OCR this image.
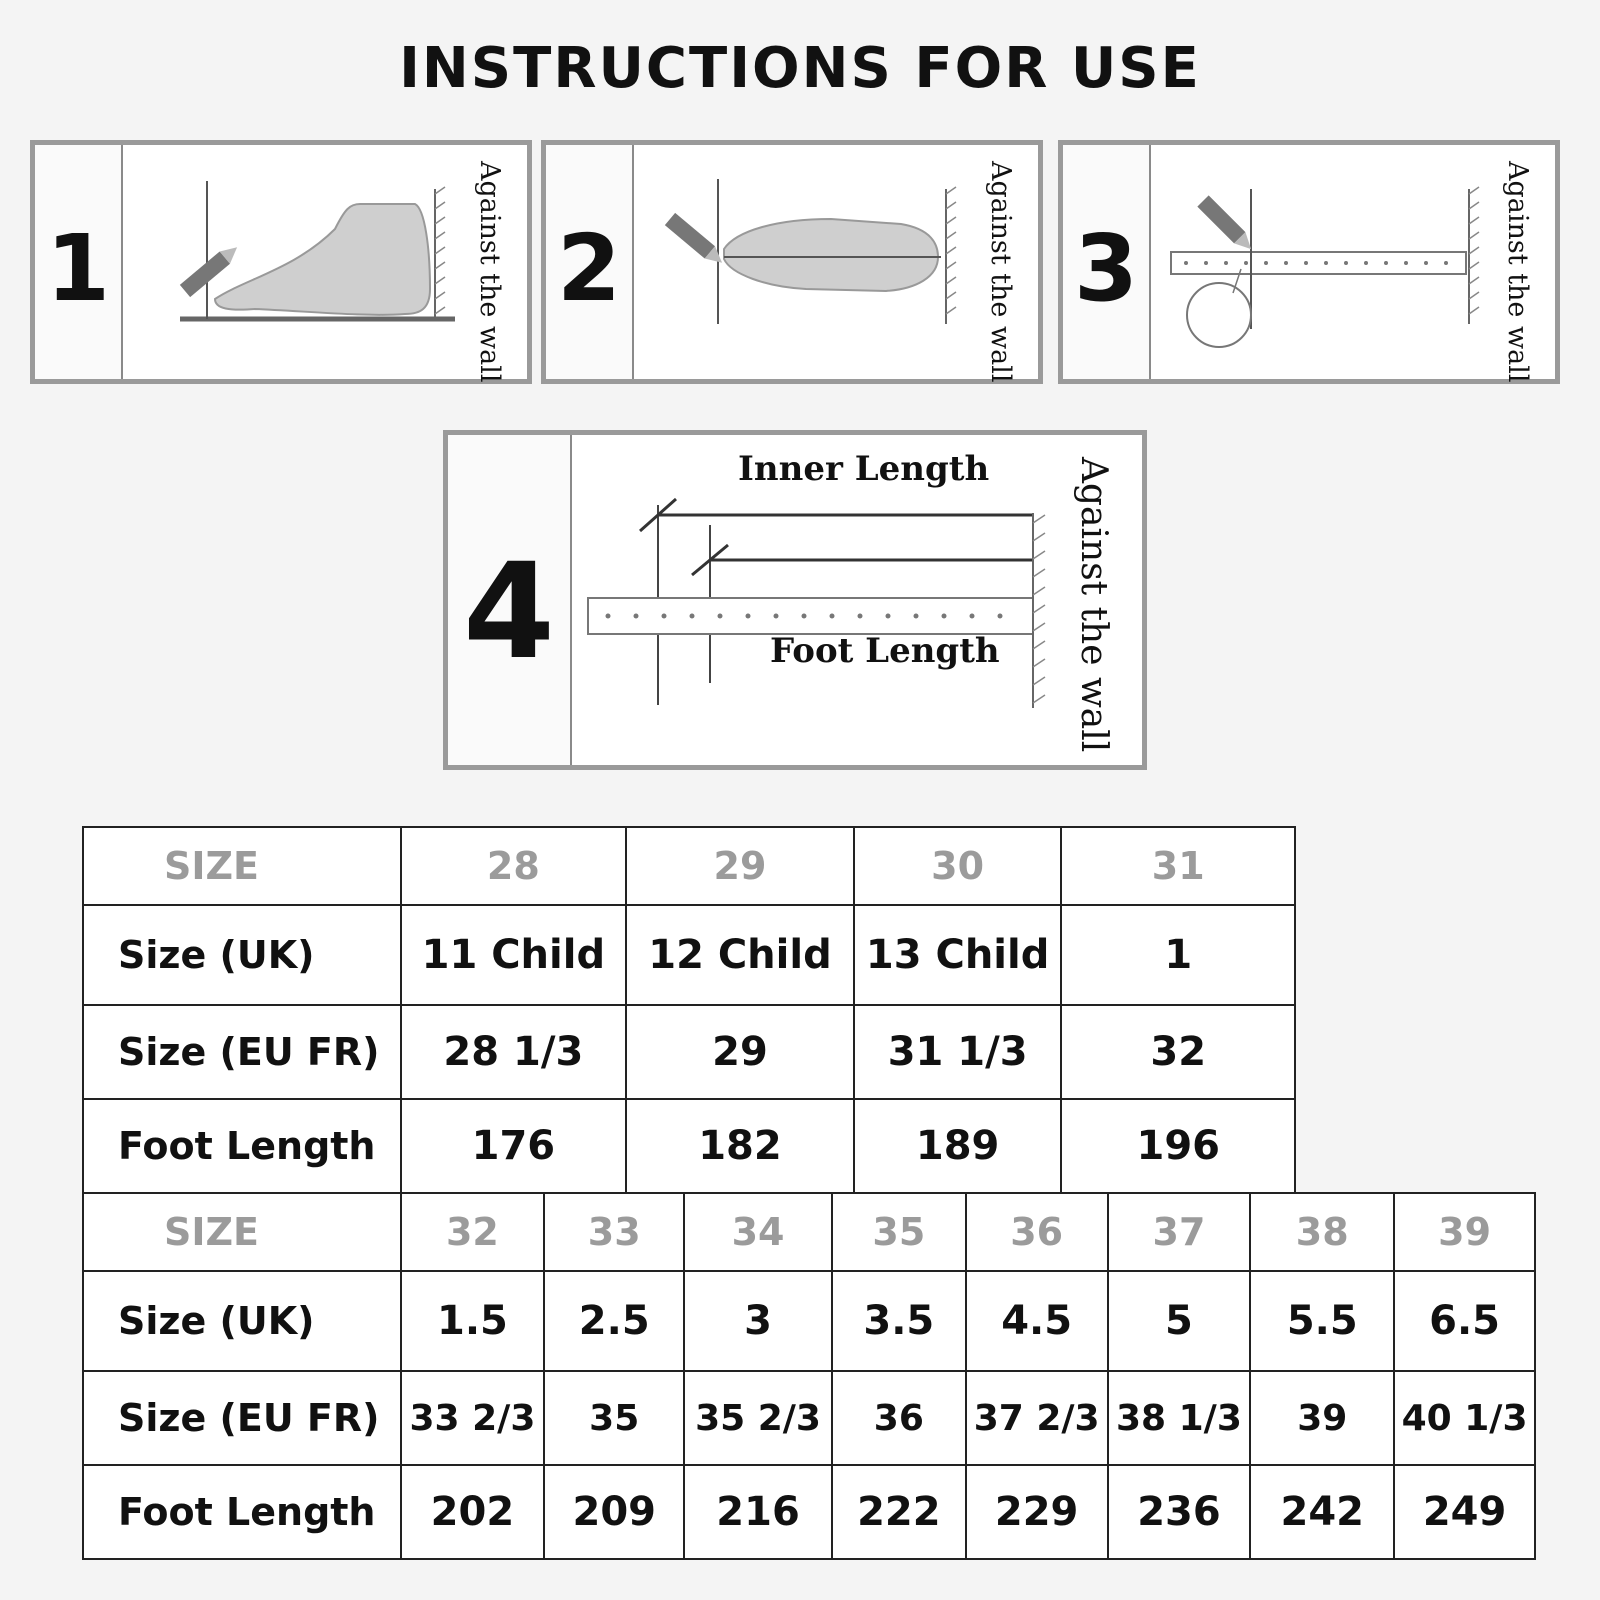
INSTRUCTIONS FOR USE
1	Against the wall 2	Against the wall 3	Against the wall
4
Inner Length
Foot Length Against the wall
SIZE	28	29	30	31
Size (UK)	11 Child	12 Child	13 Child	1
Size (EU FR)	28 1/3	29	31 1/3	32
Foot Length	176	182	189	196
SIZE	32	33	34	35	36	37	38	39
Size (UK)	1.5	2.5	3	3.5	4.5	5	5.5	6.5
Size (EU FR)	33 2/3	35	35 2/3	36	37 2/3	38 1/3	39	40 1/3
Foot Length	202	209	216	222	229	236	242	249
